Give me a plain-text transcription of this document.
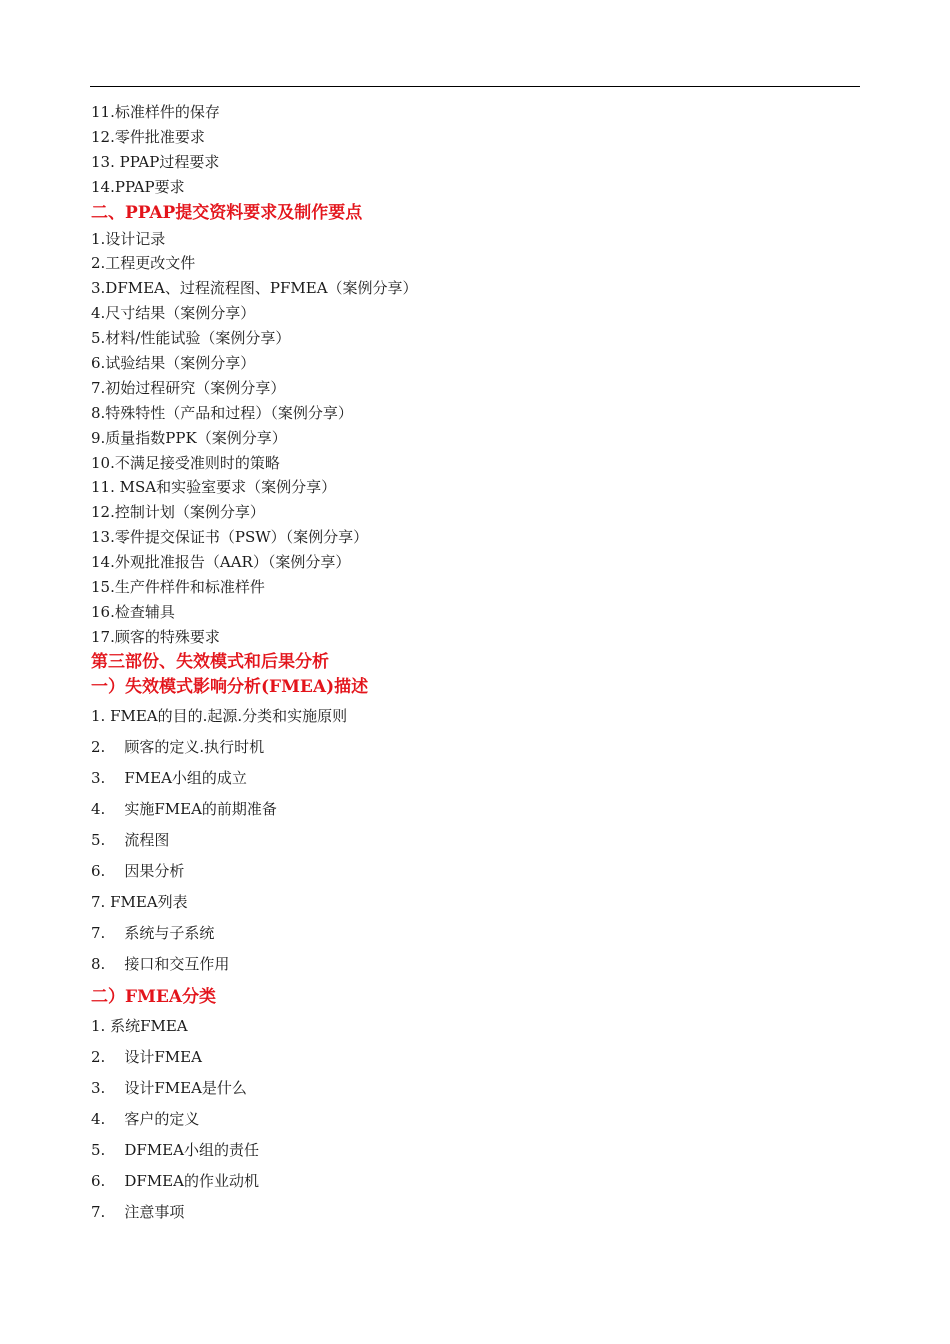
11.标准样件的保存
12.零件批准要求
13. PPAP过程要求
14.PPAP要求
二、PPAP提交资料要求及制作要点
1.设计记录
2.工程更改文件
3.DFMEA、过程流程图、PFMEA（案例分享）
4.尺寸结果（案例分享）
5.材料/性能试验（案例分享）
6.试验结果（案例分享）
7.初始过程研究（案例分享）
8.特殊特性（产品和过程）（案例分享）
9.质量指数PPK（案例分享）
10.不满足接受准则时的策略
11. MSA和实验室要求（案例分享）
12.控制计划（案例分享）
13.零件提交保证书（PSW）（案例分享）
14.外观批准报告（AAR）（案例分享）
15.生产件样件和标准样件
16.检查辅具
17.顾客的特殊要求
第三部份、失效模式和后果分析
一）失效模式影响分析(FMEA)描述
1. FMEA的目的.起源.分类和实施原则
2.    顾客的定义.执行时机
3.    FMEA小组的成立
4.    实施FMEA的前期准备
5.    流程图
6.    因果分析
7. FMEA列表
7.    系统与子系统
8.    接口和交互作用
二）FMEA分类
1. 系统FMEA
2.    设计FMEA
3.    设计FMEA是什么
4.    客户的定义
5.    DFMEA小组的责任
6.    DFMEA的作业动机
7.    注意事项
